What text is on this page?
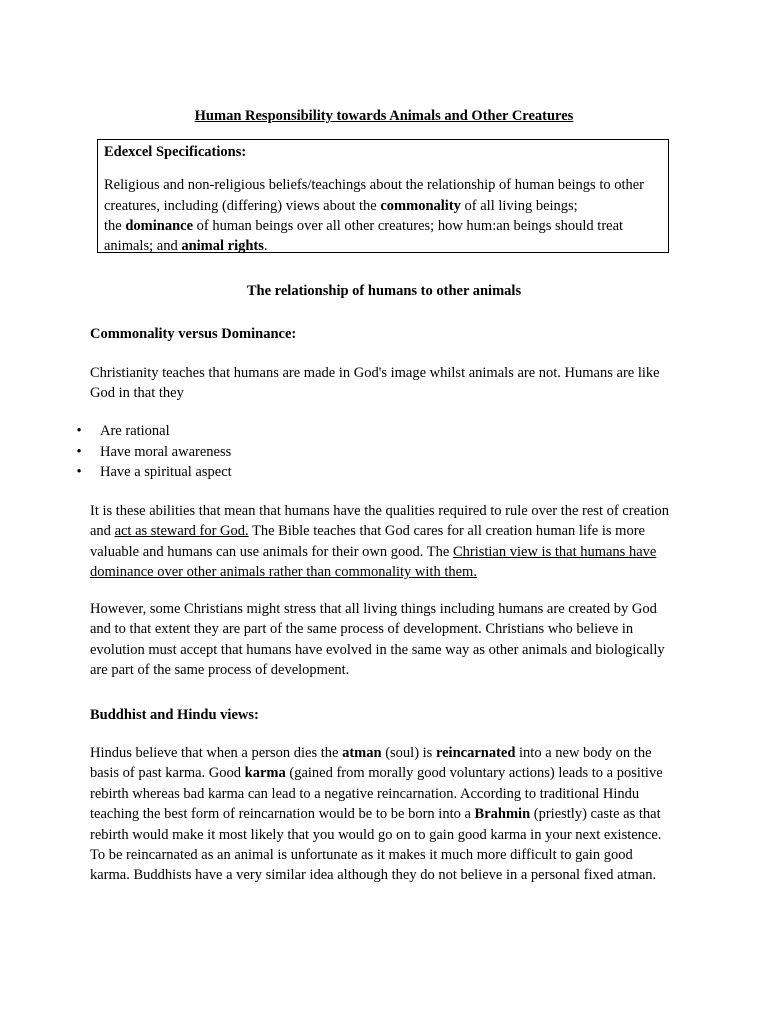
Human Responsibility towards Animals and Other Creatures

Edexcel Specifications:

Religious and non-religious beliefs/teachings about the relationship of human beings to other creatures, including (differing) views about the commonality of all living beings;
the dominance of human beings over all other creatures; how hum:an beings should treat animals; and animal rights.

The relationship of humans to other animals
Commonality versus Dominance:
Christianity teaches that humans are made in God's image whilst animals are not. Humans are like God in that they
• Are rational
• Have moral awareness
• Have a spiritual aspect
It is these abilities that mean that humans have the qualities required to rule over the rest of creation and act as steward for God. The Bible teaches that God cares for all creation human life is more valuable and humans can use animals for their own good. The Christian view is that humans have dominance over other animals rather than commonality with them.
However, some Christians might stress that all living things including humans are created by God and to that extent they are part of the same process of development. Christians who believe in evolution must accept that humans have evolved in the same way as other animals and biologically are part of the same process of development.
Buddhist and Hindu views:
Hindus believe that when a person dies the atman (soul) is reincarnated into a new body on the basis of past karma. Good karma (gained from morally good voluntary actions) leads to a positive rebirth whereas bad karma can lead to a negative reincarnation. According to traditional Hindu teaching the best form of reincarnation would be to be born into a Brahmin (priestly) caste as that rebirth would make it most likely that you would go on to gain good karma in your next existence. To be reincarnated as an animal is unfortunate as it makes it much more difficult to gain good karma. Buddhists have a very similar idea although they do not believe in a personal fixed atman.
